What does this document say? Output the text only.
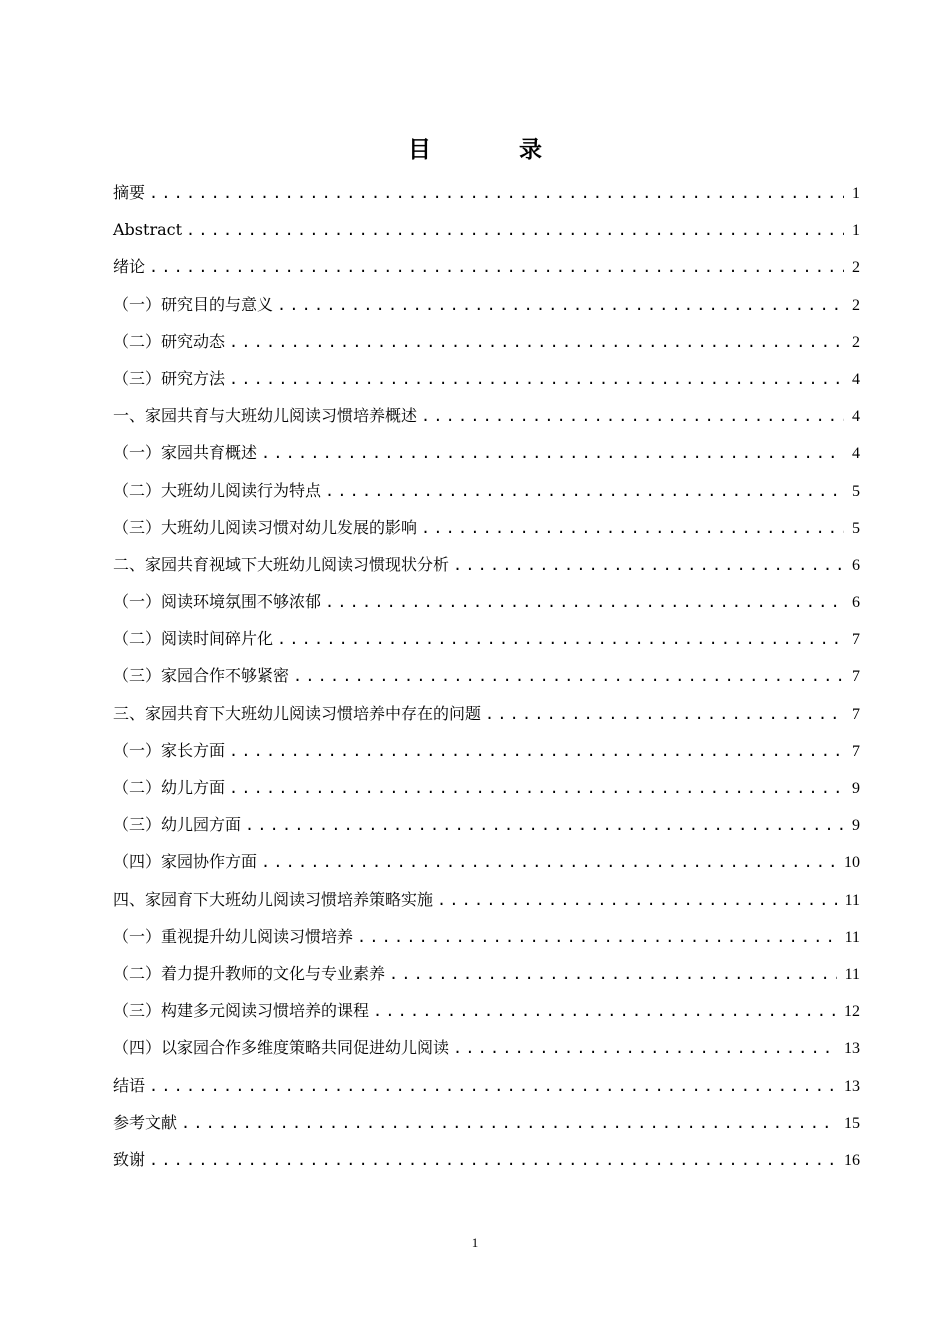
目 录
摘要 .....	1
Abstract .....	1
绪论 .....	2
（一）研究目的与意义 .....	2
（二）研究动态 .....	2
（三）研究方法 .....	4
一、家园共育与大班幼儿阅读习惯培养概述 .....	4
（一）家园共育概述 .....	4
（二）大班幼儿阅读行为特点 .....	5
（三）大班幼儿阅读习惯对幼儿发展的影响 .....	5
二、家园共育视域下大班幼儿阅读习惯现状分析 .....	6
（一）阅读环境氛围不够浓郁 .....	6
（二）阅读时间碎片化 .....	7
（三）家园合作不够紧密 .....	7
三、家园共育下大班幼儿阅读习惯培养中存在的问题 .....	7
（一）家长方面 .....	7
（二）幼儿方面 .....	9
（三）幼儿园方面 .....	9
（四）家园协作方面 .....	10
四、家园育下大班幼儿阅读习惯培养策略实施 .....	11
（一）重视提升幼儿阅读习惯培养 .....	11
（二）着力提升教师的文化与专业素养 .....	11
（三）构建多元阅读习惯培养的课程 .....	12
（四）以家园合作多维度策略共同促进幼儿阅读 .....	13
结语 .....	13
参考文献 .....	15
致谢 .....	16
1
